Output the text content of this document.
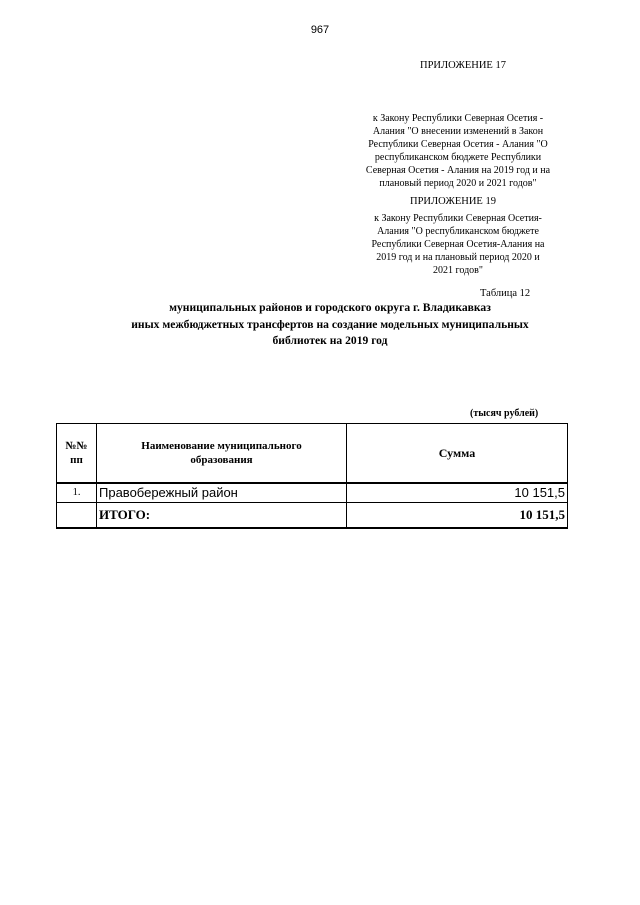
967
ПРИЛОЖЕНИЕ 17
к Закону Республики Северная Осетия -
Алания "О внесении изменений в Закон
Республики Северная Осетия - Алания "О
республиканском бюджете Республики
Северная Осетия - Алания на 2019 год и на
плановый период 2020 и 2021 годов"
ПРИЛОЖЕНИЕ 19
к Закону Республики Северная Осетия-
Алания "О республиканском бюджете
Республики Северная Осетия-Алания на
2019 год и на плановый период 2020 и
2021 годов"
Таблица 12
муниципальных районов и городского округа г. Владикавказ
иных межбюджетных трансфертов на создание модельных муниципальных
библиотек на 2019 год
(тысяч рублей)
№№ пп	Наименование муниципального образования	Сумма
1.	Правобережный район	10 151,5
	ИТОГО:	10 151,5
